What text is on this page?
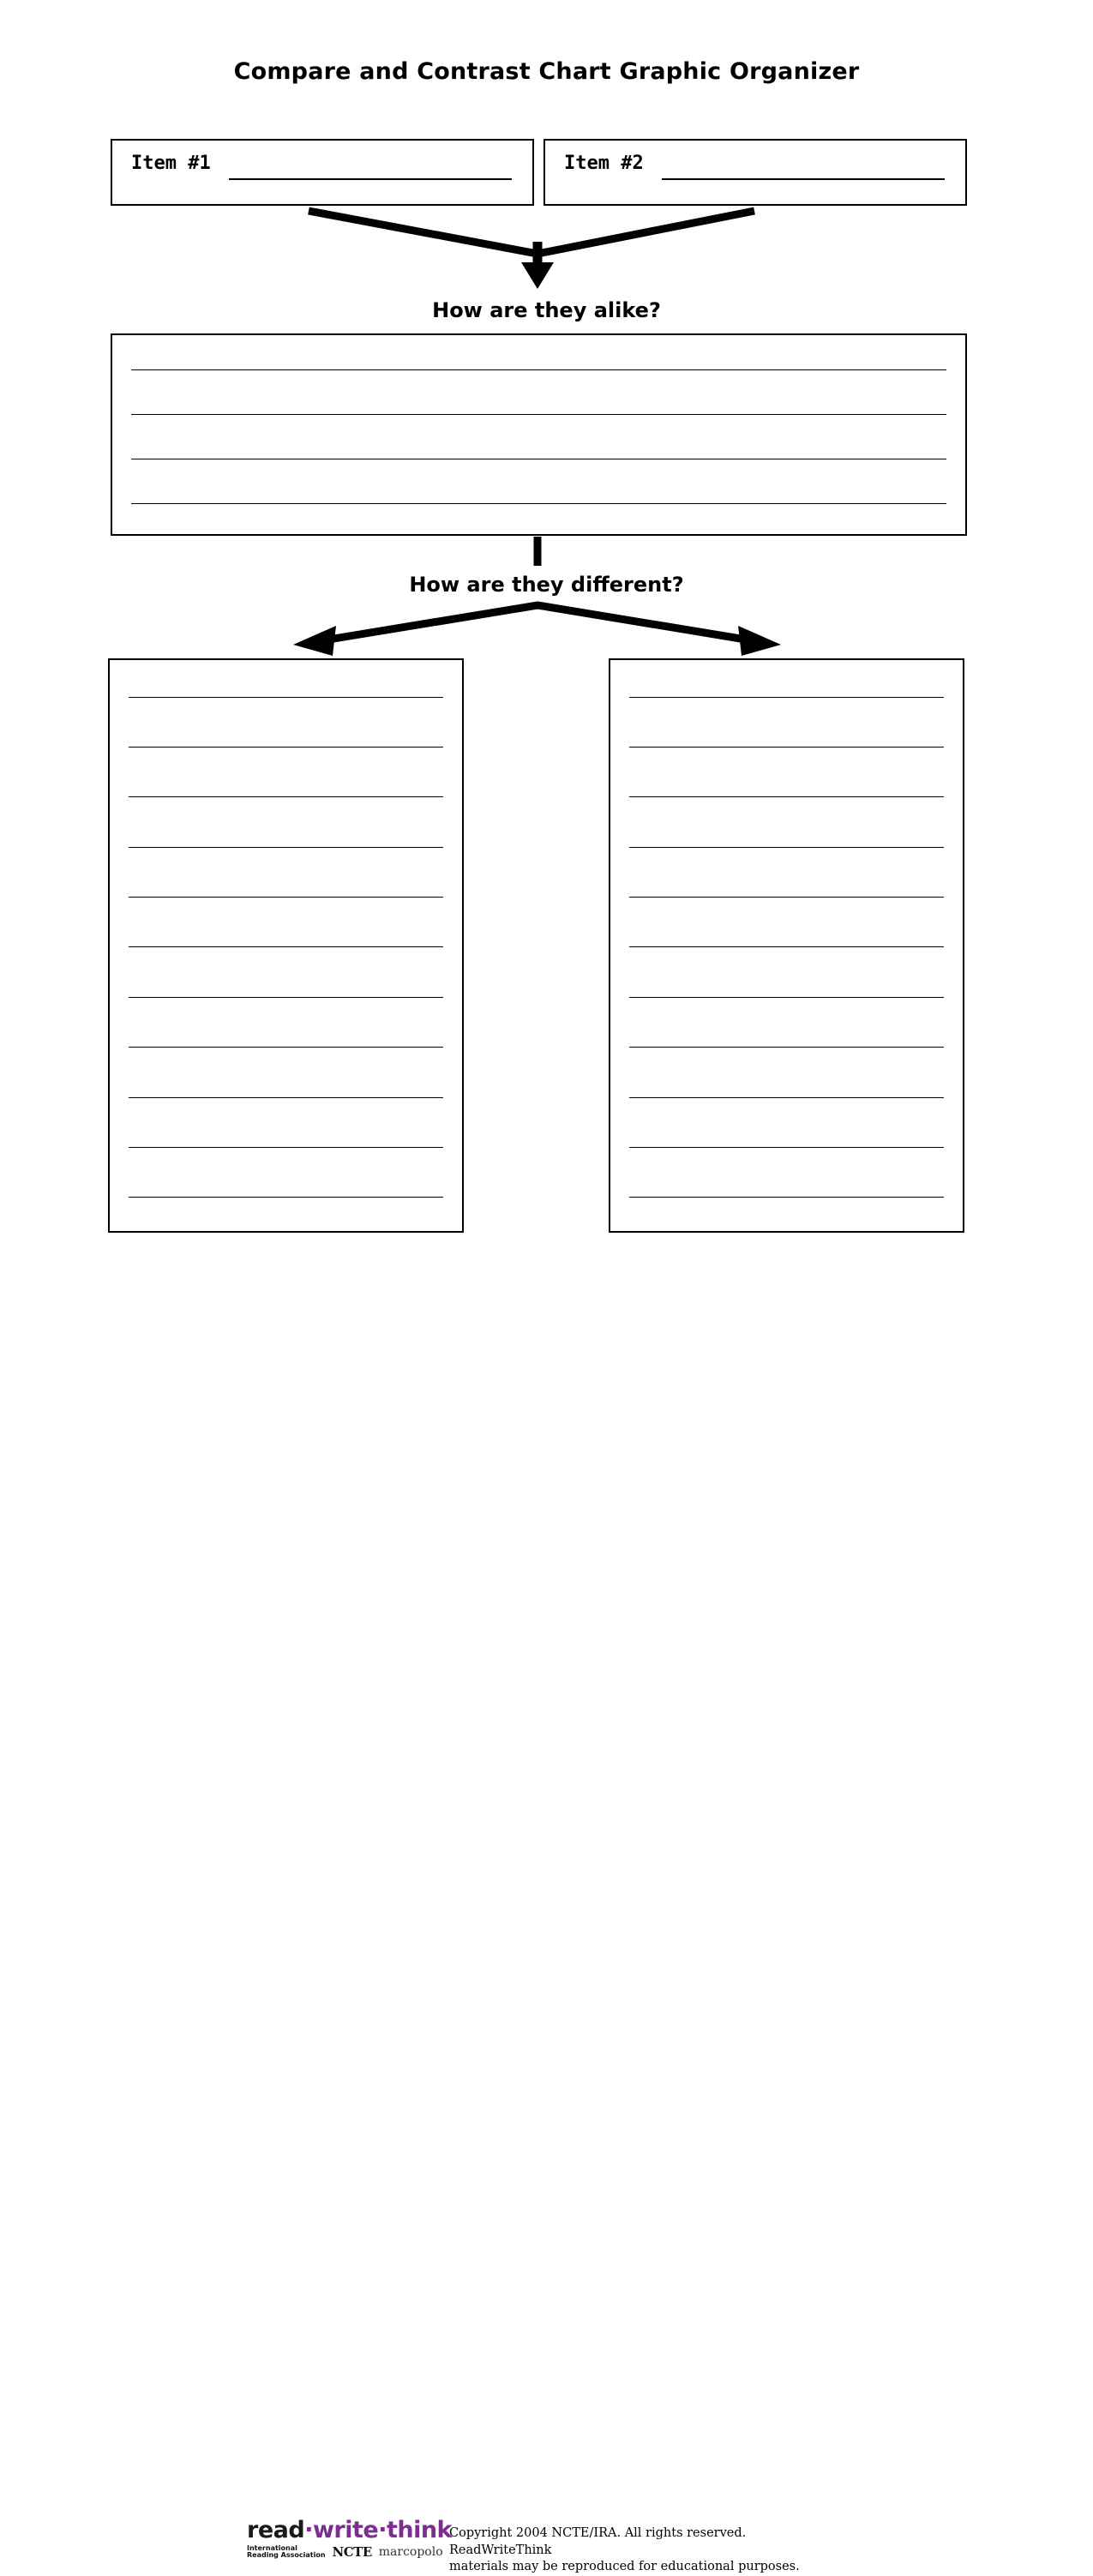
Compare and Contrast Chart Graphic Organizer
Item #1	Item #2
How are they alike?
How are they different?
read·write·think
International
Reading Association NCTE marcopolo
Copyright 2004 NCTE/IRA. All rights reserved. ReadWriteThink
materials may be reproduced for educational purposes.
